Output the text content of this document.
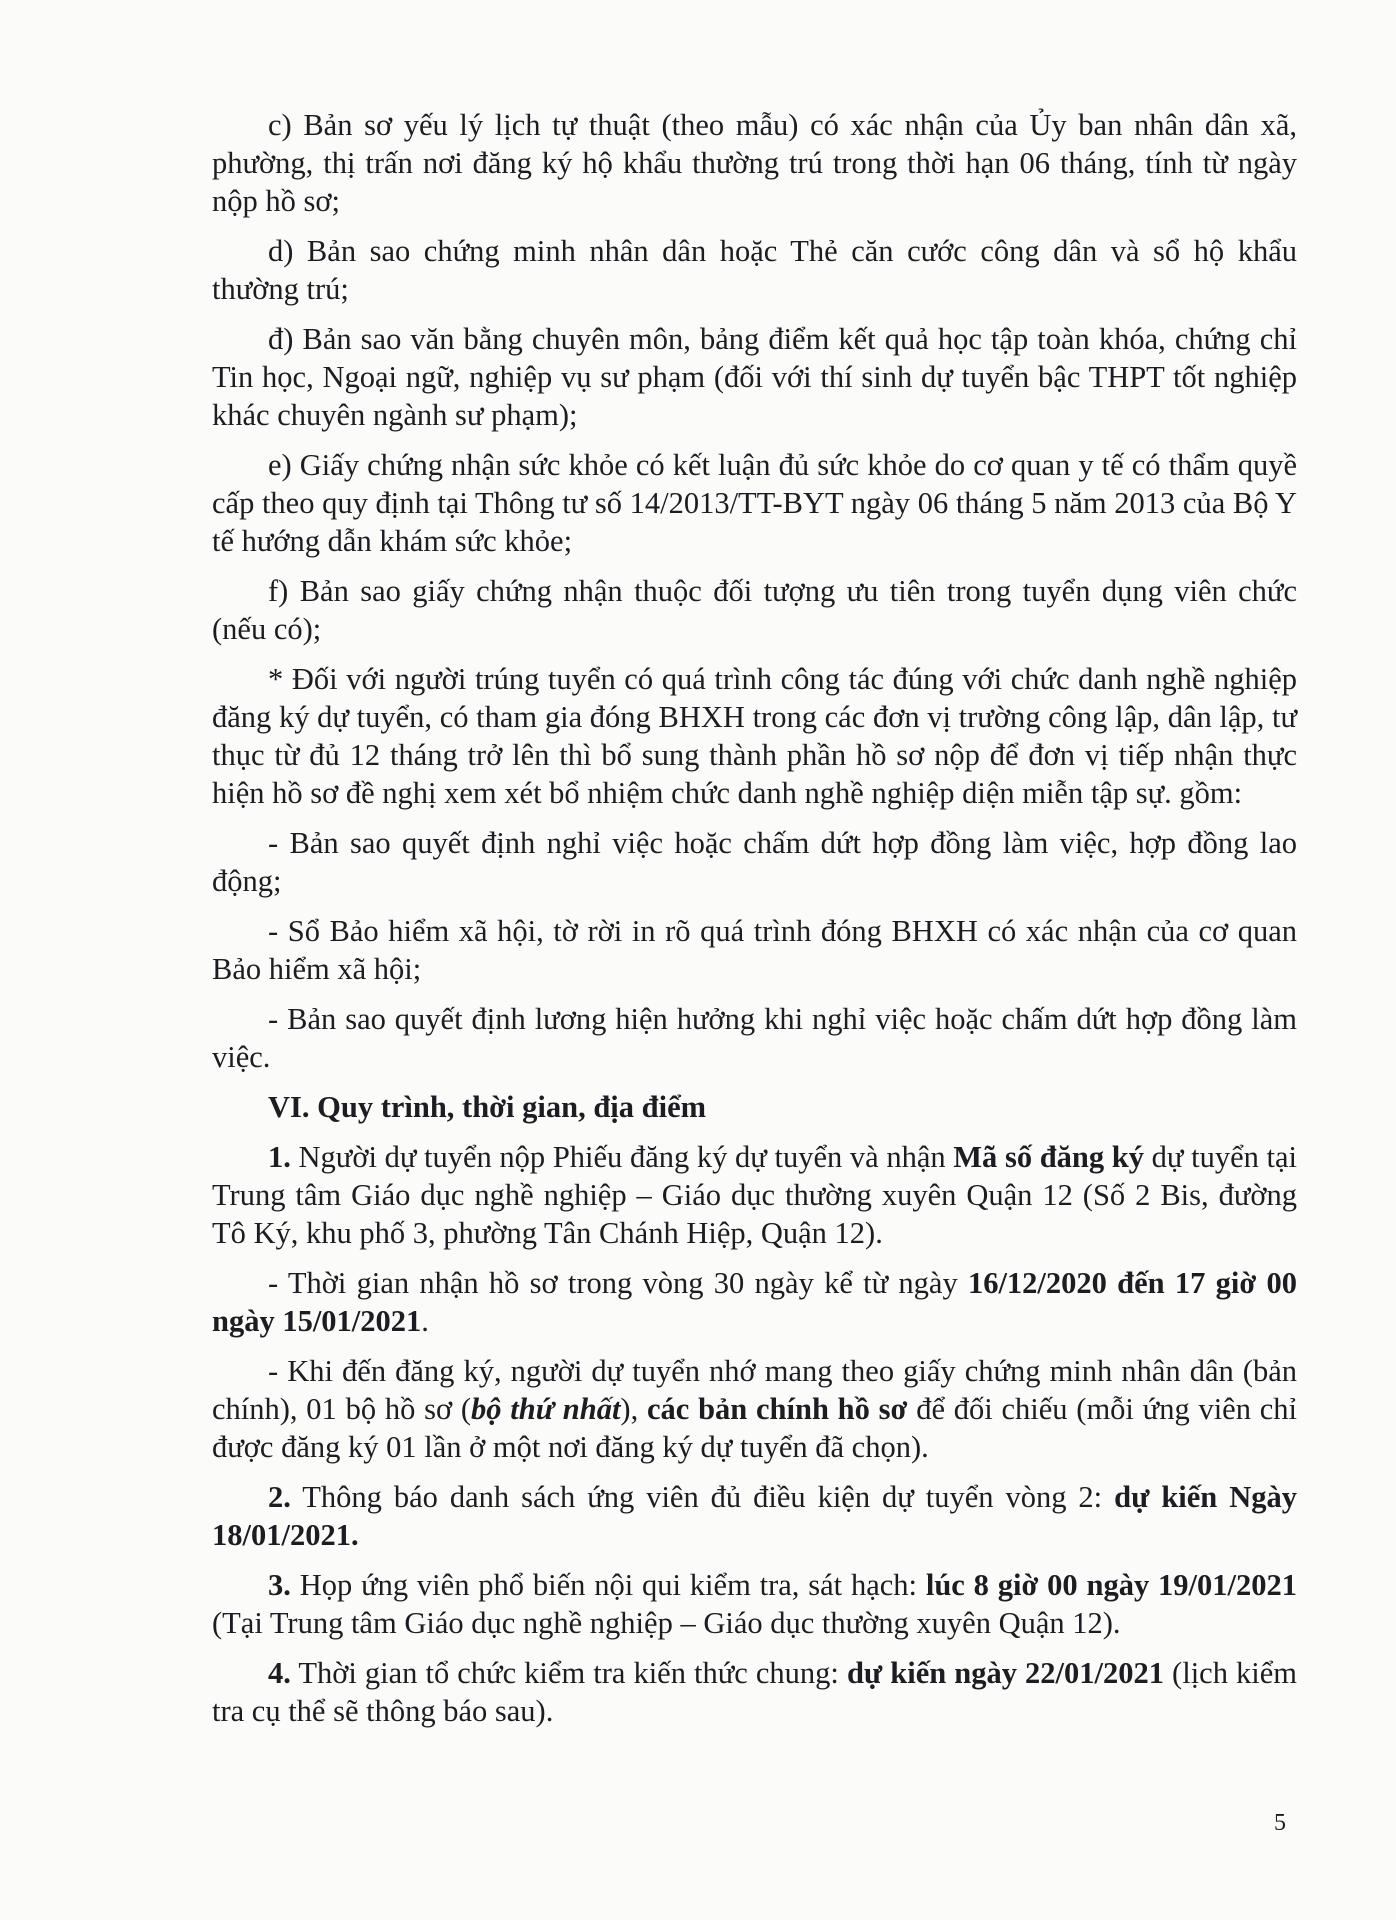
c) Bản sơ yếu lý lịch tự thuật (theo mẫu) có xác nhận của Ủy ban nhân dân xã, phường, thị trấn nơi đăng ký hộ khẩu thường trú trong thời hạn 06 tháng, tính từ ngày nộp hồ sơ;

d) Bản sao chứng minh nhân dân hoặc Thẻ căn cước công dân và sổ hộ khẩu thường trú;

đ) Bản sao văn bằng chuyên môn, bảng điểm kết quả học tập toàn khóa, chứng chỉ Tin học, Ngoại ngữ, nghiệp vụ sư phạm (đối với thí sinh dự tuyển bậc THPT tốt nghiệp khác chuyên ngành sư phạm);

e) Giấy chứng nhận sức khỏe có kết luận đủ sức khỏe do cơ quan y tế có thẩm quyề cấp theo quy định tại Thông tư số 14/2013/TT-BYT ngày 06 tháng 5 năm 2013 của Bộ Y tế hướng dẫn khám sức khỏe;

f) Bản sao giấy chứng nhận thuộc đối tượng ưu tiên trong tuyển dụng viên chức (nếu có);

* Đối với người trúng tuyển có quá trình công tác đúng với chức danh nghề nghiệp đăng ký dự tuyển, có tham gia đóng BHXH trong các đơn vị trường công lập, dân lập, tư thục từ đủ 12 tháng trở lên thì bổ sung thành phần hồ sơ nộp để đơn vị tiếp nhận thực hiện hồ sơ đề nghị xem xét bổ nhiệm chức danh nghề nghiệp diện miễn tập sự. gồm:

- Bản sao quyết định nghỉ việc hoặc chấm dứt hợp đồng làm việc, hợp đồng lao động;

- Sổ Bảo hiểm xã hội, tờ rời in rõ quá trình đóng BHXH có xác nhận của cơ quan Bảo hiểm xã hội;

- Bản sao quyết định lương hiện hưởng khi nghỉ việc hoặc chấm dứt hợp đồng làm việc.

VI. Quy trình, thời gian, địa điểm

1. Người dự tuyển nộp Phiếu đăng ký dự tuyển và nhận Mã số đăng ký dự tuyển tại Trung tâm Giáo dục nghề nghiệp – Giáo dục thường xuyên Quận 12 (Số 2 Bis, đường Tô Ký, khu phố 3, phường Tân Chánh Hiệp, Quận 12).

- Thời gian nhận hồ sơ trong vòng 30 ngày kể từ ngày 16/12/2020 đến 17 giờ 00 ngày 15/01/2021.

- Khi đến đăng ký, người dự tuyển nhớ mang theo giấy chứng minh nhân dân (bản chính), 01 bộ hồ sơ (bộ thứ nhất), các bản chính hồ sơ để đối chiếu (mỗi ứng viên chỉ được đăng ký 01 lần ở một nơi đăng ký dự tuyển đã chọn).

2. Thông báo danh sách ứng viên đủ điều kiện dự tuyển vòng 2: dự kiến Ngày 18/01/2021.

3. Họp ứng viên phổ biến nội qui kiểm tra, sát hạch: lúc 8 giờ 00 ngày 19/01/2021 (Tại Trung tâm Giáo dục nghề nghiệp – Giáo dục thường xuyên Quận 12).

4. Thời gian tổ chức kiểm tra kiến thức chung: dự kiến ngày 22/01/2021 (lịch kiểm tra cụ thể sẽ thông báo sau).

5
